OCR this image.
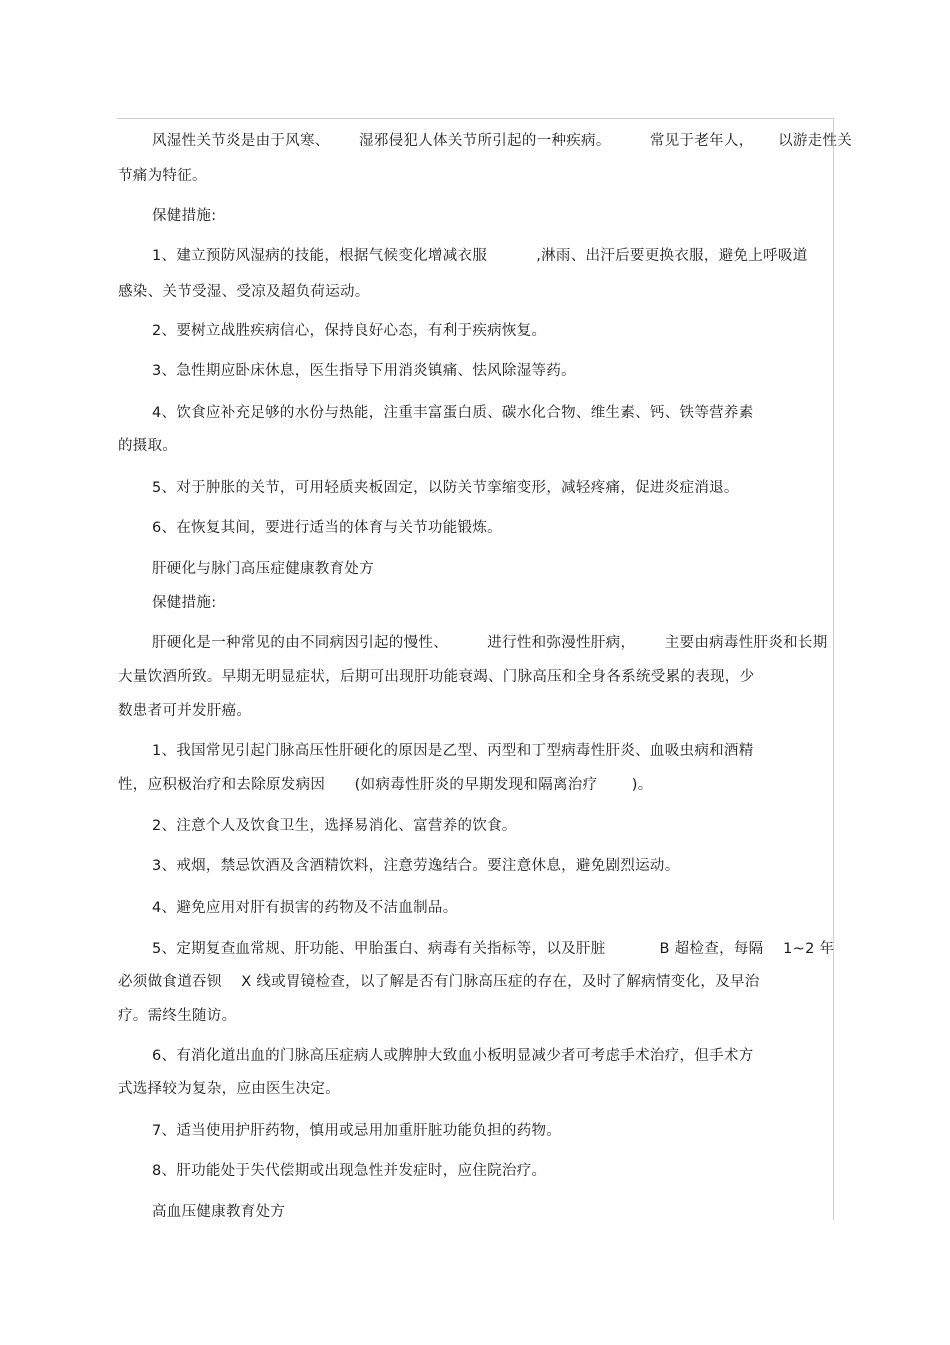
风湿性关节炎是由于风寒、      湿邪侵犯人体关节所引起的一种疾病。        常见于老年人，     以游走性关
节痛为特征。
保健措施:
1、建立预防风湿病的技能，根据气候变化增减衣服          ,淋雨、出汗后要更换衣服，避免上呼吸道
感染、关节受湿、受凉及超负荷运动。
2、要树立战胜疾病信心，保持良好心态，有利于疾病恢复。
3、急性期应卧床休息，医生指导下用消炎镇痛、怯风除湿等药。
4、饮食应补充足够的水份与热能，注重丰富蛋白质、碳水化合物、维生素、钙、铁等营养素
的摄取。
5、对于肿胀的关节，可用轻质夹板固定，以防关节挛缩变形，减轻疼痛，促进炎症消退。
6、在恢复其间，要进行适当的体育与关节功能锻炼。
肝硬化与脉门高压症健康教育处方
保健措施:
肝硬化是一种常见的由不同病因引起的慢性、        进行性和弥漫性肝病，      主要由病毒性肝炎和长期
大量饮酒所致。早期无明显症状，后期可出现肝功能衰竭、门脉高压和全身各系统受累的表现，少
数患者可并发肝癌。
1、我国常见引起门脉高压性肝硬化的原因是乙型、丙型和丁型病毒性肝炎、血吸虫病和酒精
性，应积极治疗和去除原发病因      (如病毒性肝炎的早期发现和隔离治疗       )。
2、注意个人及饮食卫生，选择易消化、富营养的饮食。
3、戒烟，禁忌饮酒及含酒精饮料，注意劳逸结合。要注意休息，避免剧烈运动。
4、避免应用对肝有损害的药物及不洁血制品。
5、定期复查血常规、肝功能、甲胎蛋白、病毒有关指标等，以及肝脏           B 超检查，每隔    1~2 年
必须做食道吞钡    X 线或胃镜检查，以了解是否有门脉高压症的存在，及时了解病情变化，及早治
疗。需终生随访。
6、有消化道出血的门脉高压症病人或脾肿大致血小板明显减少者可考虑手术治疗，但手术方
式选择较为复杂，应由医生决定。
7、适当使用护肝药物，慎用或忌用加重肝脏功能负担的药物。
8、肝功能处于失代偿期或出现急性并发症时，应住院治疗。
高血压健康教育处方
